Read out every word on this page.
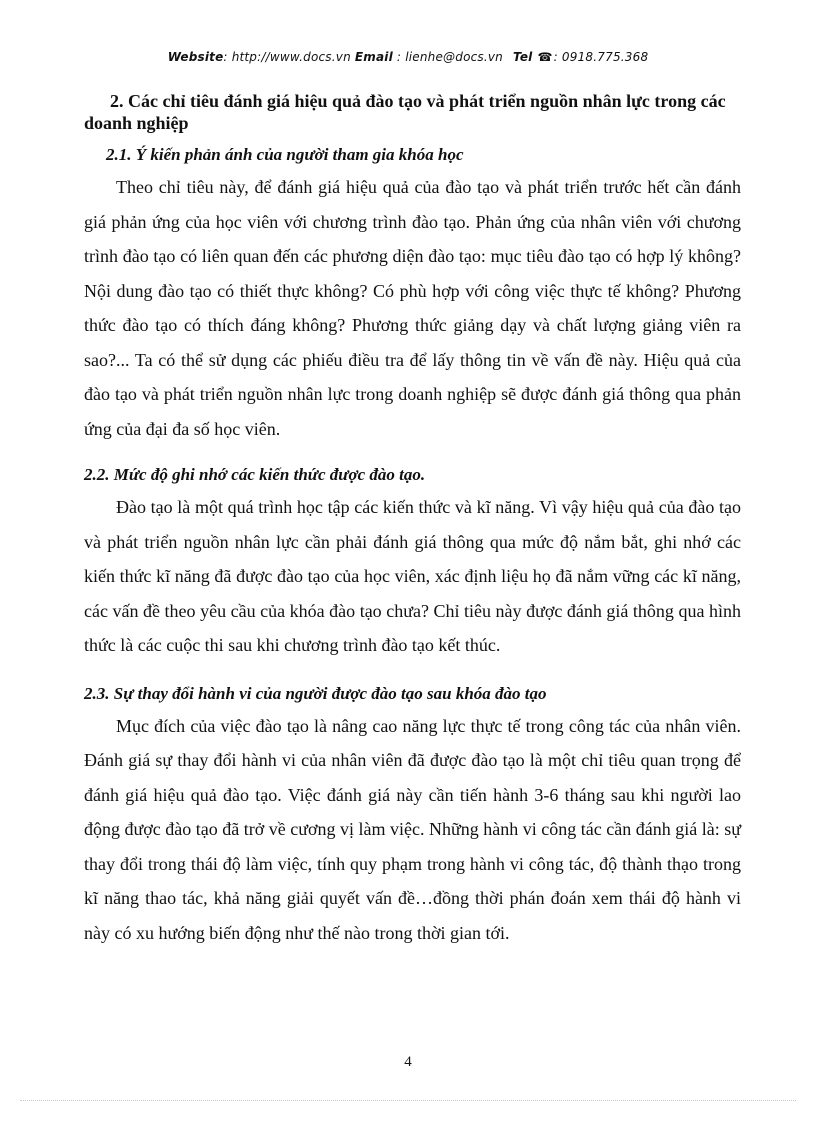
Website: http://www.docs.vn Email : lienhe@docs.vn Tel ☎: 0918.775.368

2. Các chỉ tiêu đánh giá hiệu quả đào tạo và phát triển nguồn nhân lực trong các doanh nghiệp

2.1. Ý kiến phản ánh của người tham gia khóa học

Theo chỉ tiêu này, để đánh giá hiệu quả của đào tạo và phát triển trước hết cần đánh giá phản ứng của học viên với chương trình đào tạo. Phản ứng của nhân viên với chương trình đào tạo có liên quan đến các phương diện đào tạo: mục tiêu đào tạo có hợp lý không? Nội dung đào tạo có thiết thực không? Có phù hợp với công việc thực tế không? Phương thức đào tạo có thích đáng không? Phương thức giảng dạy và chất lượng giảng viên ra sao?... Ta có thể sử dụng các phiếu điều tra để lấy thông tin về vấn đề này. Hiệu quả của đào tạo và phát triển nguồn nhân lực trong doanh nghiệp sẽ được đánh giá thông qua phản ứng của đại đa số học viên.

2.2. Mức độ ghi nhớ các kiến thức được đào tạo.

Đào tạo là một quá trình học tập các kiến thức và kĩ năng. Vì vậy hiệu quả của đào tạo và phát triển nguồn nhân lực cần phải đánh giá thông qua mức độ nắm bắt, ghi nhớ các kiến thức kĩ năng đã được đào tạo của học viên, xác định liệu họ đã nắm vững các kĩ năng, các vấn đề theo yêu cầu của khóa đào tạo chưa? Chỉ tiêu này được đánh giá thông qua hình thức là các cuộc thi sau khi chương trình đào tạo kết thúc.

2.3. Sự thay đổi hành vi của người được đào tạo sau khóa đào tạo

Mục đích của việc đào tạo là nâng cao năng lực thực tế trong công tác của nhân viên. Đánh giá sự thay đổi hành vi của nhân viên đã được đào tạo là một chỉ tiêu quan trọng để đánh giá hiệu quả đào tạo. Việc đánh giá này cần tiến hành 3-6 tháng sau khi người lao động được đào tạo đã trở về cương vị làm việc. Những hành vi công tác cần đánh giá là: sự thay đổi trong thái độ làm việc, tính quy phạm trong hành vi công tác, độ thành thạo trong kĩ năng thao tác, khả năng giải quyết vấn đề…đồng thời phán đoán xem thái độ hành vi này có xu hướng biến động như thế nào trong thời gian tới.

4
